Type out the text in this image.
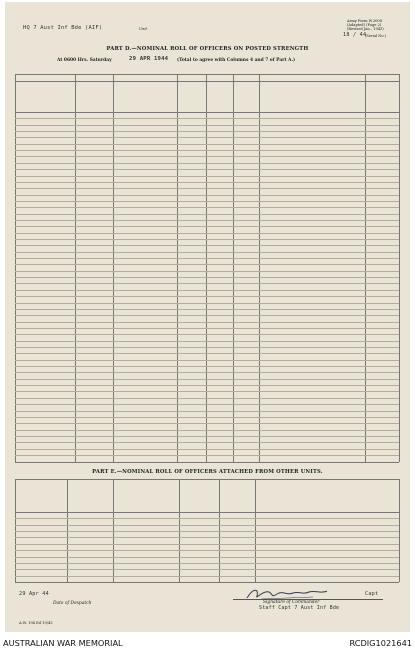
HQ 7 Aust Inf Bde (AIF)	Unit
Army Form W.3008
(Adapted) (Page 2)
(Revised Jan., 1943)
18 / 44
(Serial No.)
PART D.—NOMINAL ROLL OF OFFICERS ON POSTED STRENGTH
At 0600 Hrs. Saturday	29 APR 1944 (Total to agree with Columns 4 and 7 of Part A.)
PART E.—NOMINAL ROLL OF OFFICERS ATTACHED FROM OTHER UNITS.
29 Apr 44
Date of Despatch
Capt
Signature of Commander
Staff Capt 7 Aust Inf Bde
A.W. 194 Ed 19/43
AUSTRALIAN WAR MEMORIAL	RCDIG1021641
